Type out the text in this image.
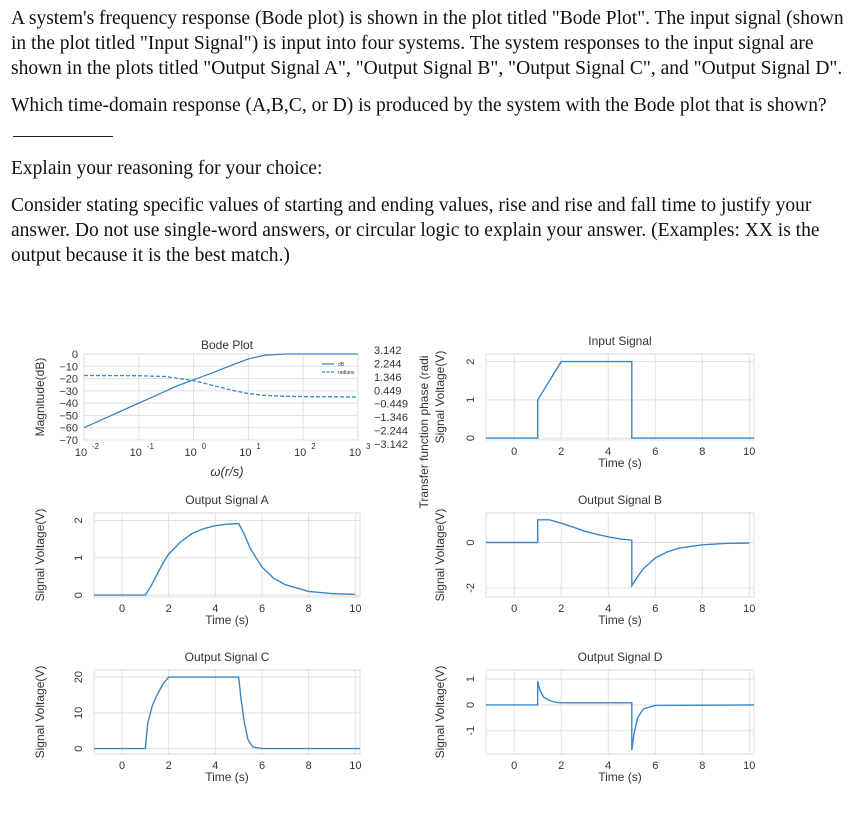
A system's frequency response (Bode plot) is shown in the plot titled "Bode Plot". The input signal (shown in the plot titled "Input Signal") is input into four systems. The system responses to the input signal are shown in the plots titled "Output Signal A", "Output Signal B", "Output Signal C", and "Output Signal D".

Which time-domain response (A,B,C, or D) is produced by the system with the Bode plot that is shown?

Explain your reasoning for your choice:

Consider stating specific values of starting and ending values, rise and rise and fall time to justify your answer. Do not use single-word answers, or circular logic to explain your answer. (Examples: XX is the output because it is the best match.)

10
-2
10
-1
10
0
10
1
10
2
10
3
0
−10
−20
−30
−40
−50
−60
−70
3.142
2.244
1.346
0.449
−0.449
−1.346
−2.244
−3.142
dB
radians
Bode Plot
ω(r/s)
Magnitude(dB)	Transfer function phase (radi	0	2	4	6	8	10
0
1
2
Input Signal
Time (s)
Signal Voltage(V)
0	2	4	6	8	10
0
1
2
Output Signal A
Time (s)
Signal Voltage(V)
0	2	4	6	8	10
0
-2
Output Signal B
Time (s)
Signal Voltage(V)
0	2	4	6	8	10
0
10
20
Output Signal C
Time (s)
Signal Voltage(V)
0	2	4	6	8	10
1
0
-1
Output Signal D
Time (s)
Signal Voltage(V)
